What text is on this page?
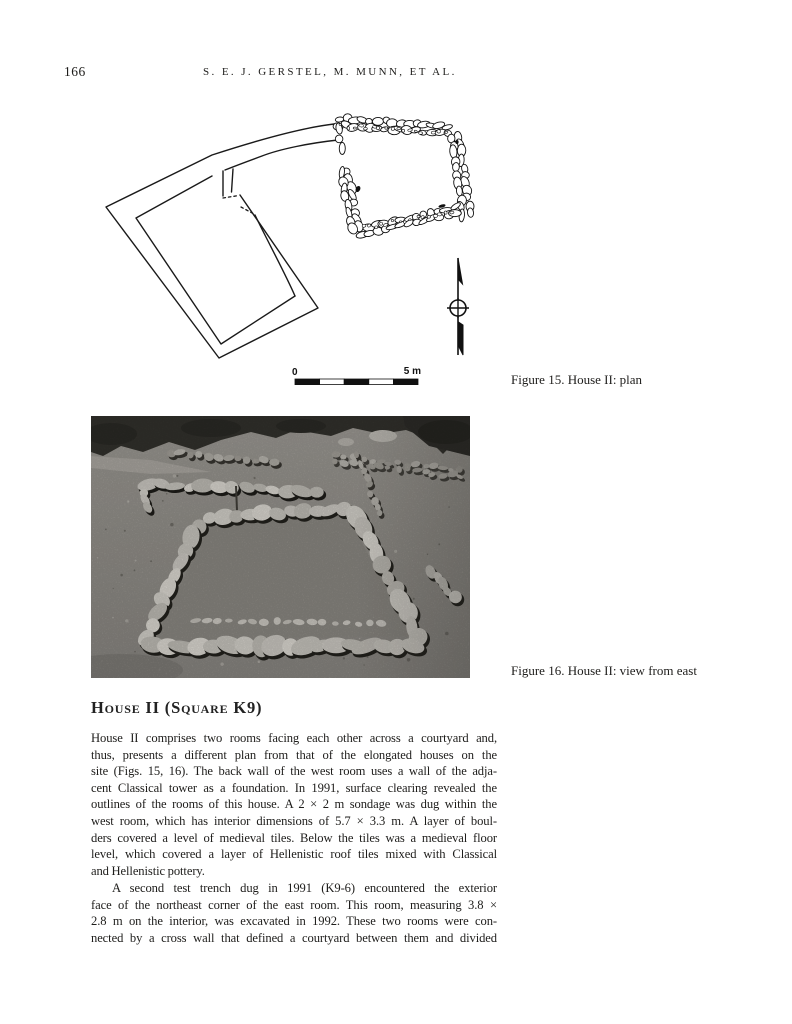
166	S. E. J. GERSTEL, M. MUNN, ET AL.
0	5 m
Figure 15. House II: plan
Figure 16. House II: view from east
House II (Square K9)
House II comprises two rooms facing each other across a courtyard and,
thus, presents a different plan from that of the elongated houses on the
site (Figs. 15, 16). The back wall of the west room uses a wall of the adja-
cent Classical tower as a foundation. In 1991, surface clearing revealed the
outlines of the rooms of this house. A 2 × 2 m sondage was dug within the
west room, which has interior dimensions of 5.7 × 3.3 m. A layer of boul-
ders covered a level of medieval tiles. Below the tiles was a medieval floor
level, which covered a layer of Hellenistic roof tiles mixed with Classical
and Hellenistic pottery.
A second test trench dug in 1991 (K9-6) encountered the exterior
face of the northeast corner of the east room. This room, measuring 3.8 ×
2.8 m on the interior, was excavated in 1992. These two rooms were con-
nected by a cross wall that defined a courtyard between them and divided
